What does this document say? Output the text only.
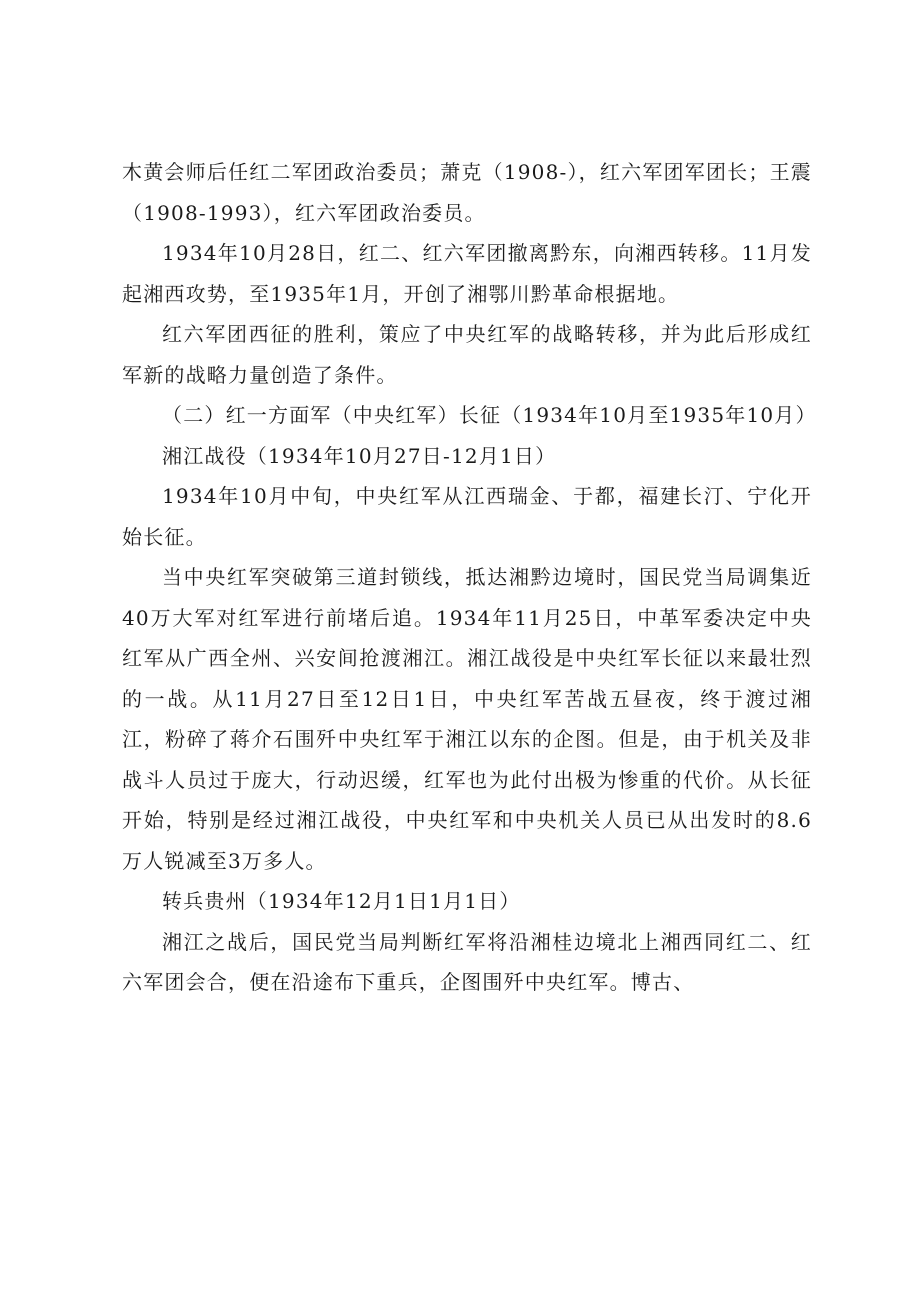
木黄会师后任红二军团政治委员；萧克（1908-），红六军团军团长；王震（1908-1993），红六军团政治委员。

1934年10月28日，红二、红六军团撤离黔东，向湘西转移。11月发起湘西攻势，至1935年1月，开创了湘鄂川黔革命根据地。

红六军团西征的胜利，策应了中央红军的战略转移，并为此后形成红军新的战略力量创造了条件。

（二）红一方面军（中央红军）长征（1934年10月至1935年10月）

湘江战役（1934年10月27日-12月1日）

1934年10月中旬，中央红军从江西瑞金、于都，福建长汀、宁化开始长征。

当中央红军突破第三道封锁线，抵达湘黔边境时，国民党当局调集近40万大军对红军进行前堵后追。1934年11月25日，中革军委决定中央红军从广西全州、兴安间抢渡湘江。湘江战役是中央红军长征以来最壮烈的一战。从11月27日至12日1日，中央红军苦战五昼夜，终于渡过湘江，粉碎了蒋介石围歼中央红军于湘江以东的企图。但是，由于机关及非战斗人员过于庞大，行动迟缓，红军也为此付出极为惨重的代价。从长征开始，特别是经过湘江战役，中央红军和中央机关人员已从出发时的8.6万人锐减至3万多人。

转兵贵州（1934年12月1日1月1日）

湘江之战后，国民党当局判断红军将沿湘桂边境北上湘西同红二、红六军团会合，便在沿途布下重兵，企图围歼中央红军。博古、
